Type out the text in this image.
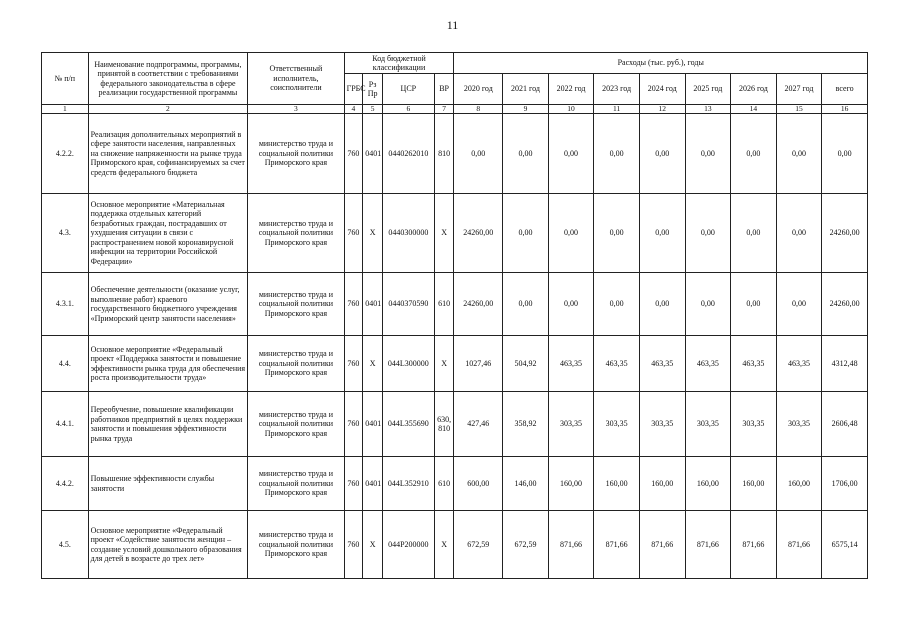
11
№ п/п	Наименование подпрограммы, программы, принятой в соответствии с требованиями федерального законодательства в сфере реализации государственной программы	Ответственный исполнитель, соисполнители	Код бюджетной классификации				Расходы (тыс. руб.), годы								
			ГРБС	Рз Пр	ЦСР	ВР	2020 год	2021 год	2022 год	2023 год	2024 год	2025 год	2026 год	2027 год	всего
1	2	3	4	5	6	7	8	9	10	11	12	13	14	15	16
4.2.2.	Реализация дополнительных мероприятий в сфере занятости населения, направленных на снижение напряженности на рынке труда Приморского края, софинансируемых за счет средств федерального бюджета	министерство труда и социальной политики Приморского края	760	0401	0440262010	810	0,00	0,00	0,00	0,00	0,00	0,00	0,00	0,00	0,00
4.3.	Основное мероприятие «Материальная поддержка отдельных категорий безработных граждан, пострадавших от ухудшения ситуации в связи с распространением новой коронавирусной инфекции на территории Российской Федерации»	министерство труда и социальной политики Приморского края	760	Х	0440300000	Х	24260,00	0,00	0,00	0,00	0,00	0,00	0,00	0,00	24260,00
4.3.1.	Обеспечение деятельности (оказание услуг, выполнение работ) краевого государственного бюджетного учреждения «Приморский центр занятости населения»	министерство труда и социальной политики Приморского края	760	0401	0440370590	610	24260,00	0,00	0,00	0,00	0,00	0,00	0,00	0,00	24260,00
4.4.	Основное мероприятие «Федеральный проект «Поддержка занятости и повышение эффективности рынка труда для обеспечения роста производительности труда»	министерство труда и социальной политики Приморского края	760	Х	044L300000	Х	1027,46	504,92	463,35	463,35	463,35	463,35	463,35	463,35	4312,48
4.4.1.	Переобучение, повышение квалификации работников предприятий в целях поддержки занятости и повышения эффективности рынка труда	министерство труда и социальной политики Приморского края	760	0401	044L355690	630, 810	427,46	358,92	303,35	303,35	303,35	303,35	303,35	303,35	2606,48
4.4.2.	Повышение эффективности службы занятости	министерство труда и социальной политики Приморского края	760	0401	044L352910	610	600,00	146,00	160,00	160,00	160,00	160,00	160,00	160,00	1706,00
4.5.	Основное мероприятие «Федеральный проект «Содействие занятости женщин – создание условий дошкольного образования для детей в возрасте до трех лет»	министерство труда и социальной политики Приморского края	760	Х	044Р200000	Х	672,59	672,59	871,66	871,66	871,66	871,66	871,66	871,66	6575,14
